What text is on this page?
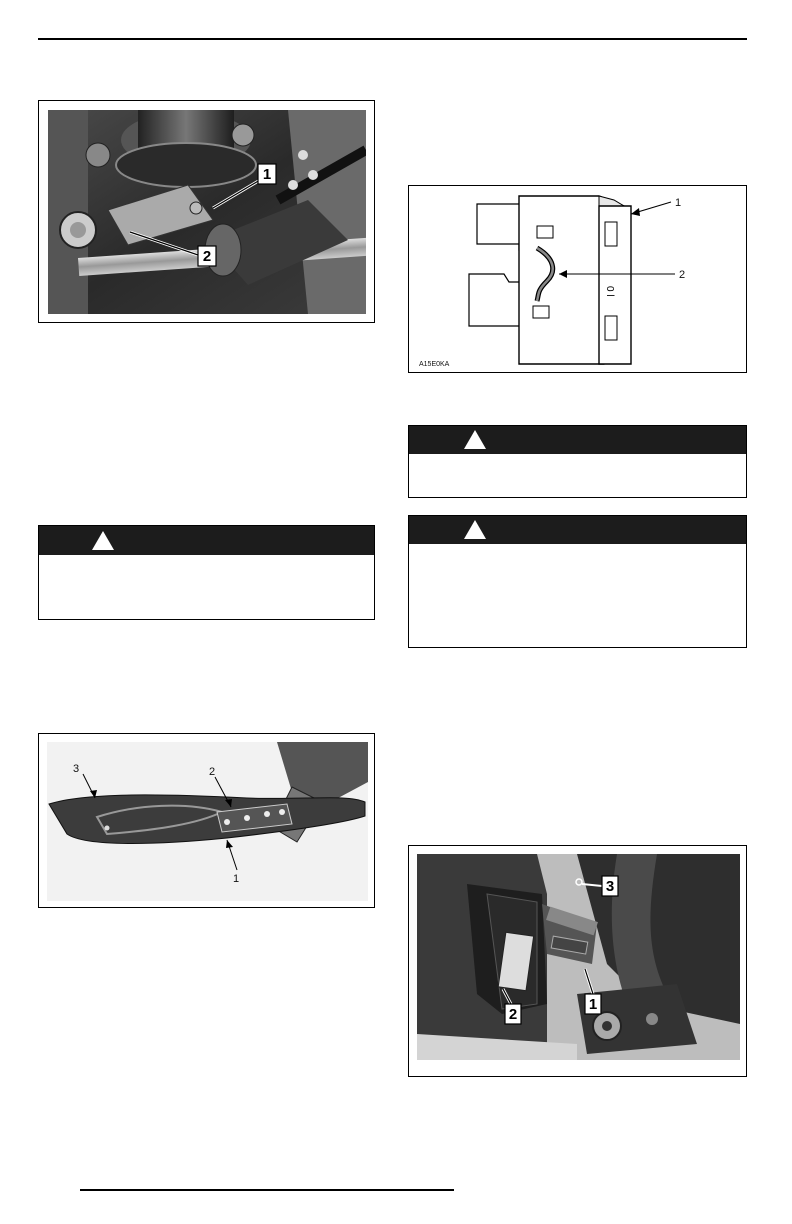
1
2
0 l
1
2
A15E0KA
3	2
1	3
1
2
